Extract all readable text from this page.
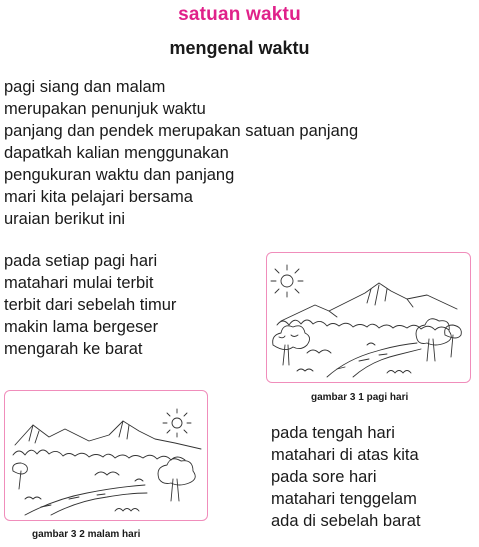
satuan waktu
mengenal waktu
pagi siang dan malam
merupakan penunjuk waktu
panjang dan pendek merupakan satuan panjang
dapatkah kalian menggunakan
pengukuran waktu dan panjang
mari kita pelajari bersama
uraian berikut ini
pada setiap pagi hari
matahari mulai terbit
terbit dari sebelah timur
makin lama bergeser
mengarah ke barat
gambar 3 1 pagi hari
gambar 3 2 malam hari
pada tengah hari
matahari di atas kita
pada sore hari
matahari tenggelam
ada di sebelah barat
